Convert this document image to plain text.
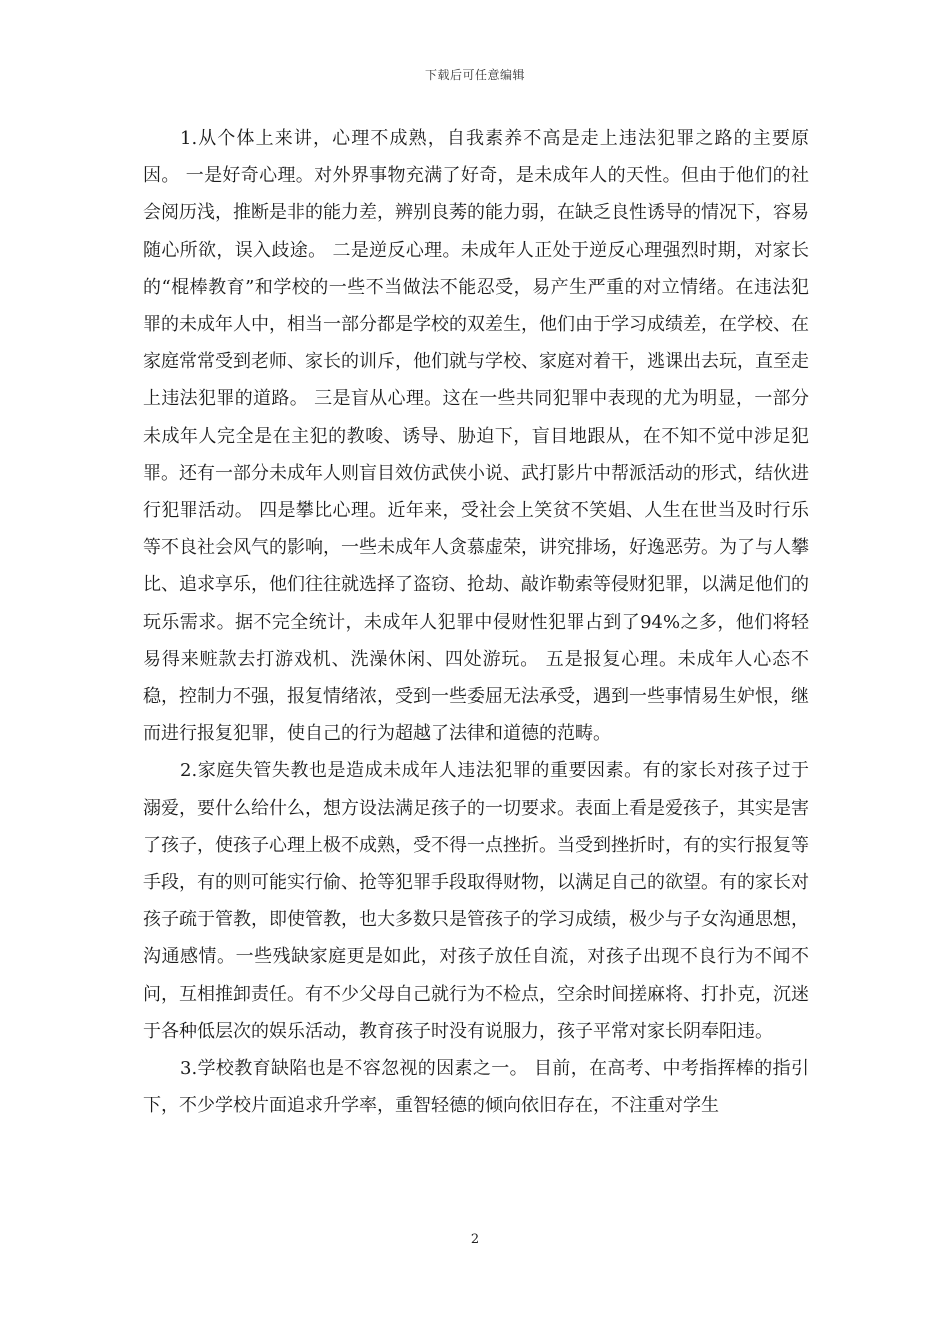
下载后可任意编辑

1.从个体上来讲，心理不成熟，自我素养不高是走上违法犯罪之路的主要原因。 一是好奇心理。对外界事物充满了好奇，是未成年人的天性。但由于他们的社会阅历浅，推断是非的能力差，辨别良莠的能力弱，在缺乏良性诱导的情况下，容易随心所欲，误入歧途。 二是逆反心理。未成年人正处于逆反心理强烈时期，对家长的“棍棒教育”和学校的一些不当做法不能忍受，易产生严重的对立情绪。在违法犯罪的未成年人中，相当一部分都是学校的双差生，他们由于学习成绩差，在学校、在家庭常常受到老师、家长的训斥，他们就与学校、家庭对着干，逃课出去玩，直至走上违法犯罪的道路。 三是盲从心理。这在一些共同犯罪中表现的尤为明显，一部分未成年人完全是在主犯的教唆、诱导、胁迫下，盲目地跟从，在不知不觉中涉足犯罪。还有一部分未成年人则盲目效仿武侠小说、武打影片中帮派活动的形式，结伙进行犯罪活动。 四是攀比心理。近年来，受社会上笑贫不笑娼、人生在世当及时行乐等不良社会风气的影响，一些未成年人贪慕虚荣，讲究排场，好逸恶劳。为了与人攀比、追求享乐，他们往往就选择了盗窃、抢劫、敲诈勒索等侵财犯罪，以满足他们的玩乐需求。据不完全统计，未成年人犯罪中侵财性犯罪占到了94%之多，他们将轻易得来赃款去打游戏机、洗澡休闲、四处游玩。 五是报复心理。未成年人心态不稳，控制力不强，报复情绪浓，受到一些委屈无法承受，遇到一些事情易生妒恨，继而进行报复犯罪，使自己的行为超越了法律和道德的范畴。

2.家庭失管失教也是造成未成年人违法犯罪的重要因素。有的家长对孩子过于溺爱，要什么给什么，想方设法满足孩子的一切要求。表面上看是爱孩子，其实是害了孩子，使孩子心理上极不成熟，受不得一点挫折。当受到挫折时，有的实行报复等手段，有的则可能实行偷、抢等犯罪手段取得财物，以满足自己的欲望。有的家长对孩子疏于管教，即使管教，也大多数只是管孩子的学习成绩，极少与子女沟通思想，沟通感情。一些残缺家庭更是如此，对孩子放任自流，对孩子出现不良行为不闻不问，互相推卸责任。有不少父母自己就行为不检点，空余时间搓麻将、打扑克，沉迷于各种低层次的娱乐活动，教育孩子时没有说服力，孩子平常对家长阴奉阳违。

3.学校教育缺陷也是不容忽视的因素之一。 目前，在高考、中考指挥棒的指引下，不少学校片面追求升学率，重智轻德的倾向依旧存在，不注重对学生

2
